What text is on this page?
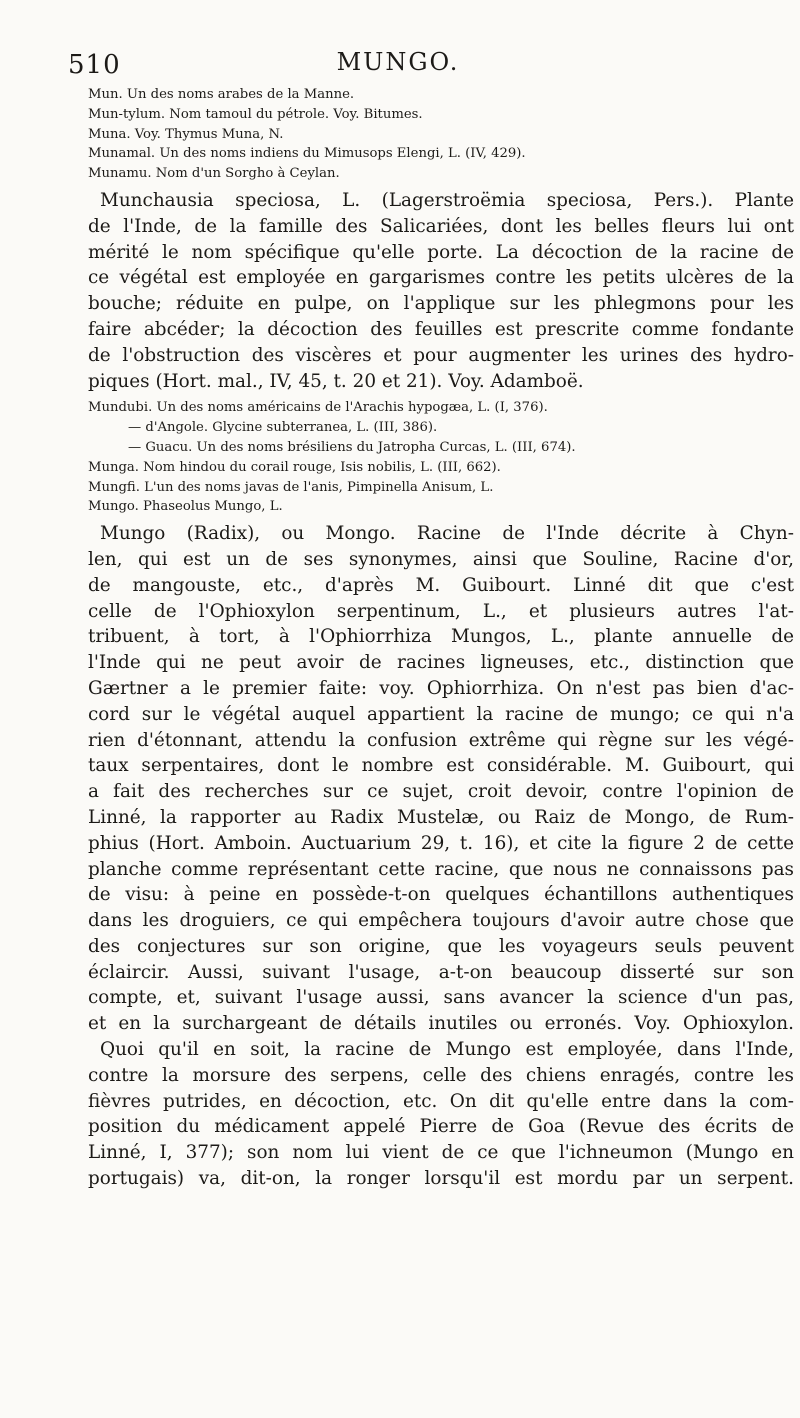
510	MUNGO.
Mun. Un des noms arabes de la Manne.
Mun-tylum. Nom tamoul du pétrole. Voy. Bitumes.
Muna. Voy. Thymus Muna, N.
Munamal. Un des noms indiens du Mimusops Elengi, L. (IV, 429).
Munamu. Nom d'un Sorgho à Ceylan.
Munchausia speciosa, L. (Lagerstroëmia speciosa, Pers.). Plante
de l'Inde, de la famille des Salicariées, dont les belles fleurs lui ont
mérité le nom spécifique qu'elle porte. La décoction de la racine de
ce végétal est employée en gargarismes contre les petits ulcères de la
bouche; réduite en pulpe, on l'applique sur les phlegmons pour les
faire abcéder; la décoction des feuilles est prescrite comme fondante
de l'obstruction des viscères et pour augmenter les urines des hydro-
piques (Hort. mal., IV, 45, t. 20 et 21). Voy. Adamboë.
Mundubi. Un des noms américains de l'Arachis hypogæa, L. (I, 376).
— d'Angole. Glycine subterranea, L. (III, 386).
— Guacu. Un des noms brésiliens du Jatropha Curcas, L. (III, 674).
Munga. Nom hindou du corail rouge, Isis nobilis, L. (III, 662).
Mungfi. L'un des noms javas de l'anis, Pimpinella Anisum, L.
Mungo. Phaseolus Mungo, L.
Mungo (Radix), ou Mongo. Racine de l'Inde décrite à Chyn-
len, qui est un de ses synonymes, ainsi que Souline, Racine d'or,
de mangouste, etc., d'après M. Guibourt. Linné dit que c'est
celle de l'Ophioxylon serpentinum, L., et plusieurs autres l'at-
tribuent, à tort, à l'Ophiorrhiza Mungos, L., plante annuelle de
l'Inde qui ne peut avoir de racines ligneuses, etc., distinction que
Gærtner a le premier faite: voy. Ophiorrhiza. On n'est pas bien d'ac-
cord sur le végétal auquel appartient la racine de mungo; ce qui n'a
rien d'étonnant, attendu la confusion extrême qui règne sur les végé-
taux serpentaires, dont le nombre est considérable. M. Guibourt, qui
a fait des recherches sur ce sujet, croit devoir, contre l'opinion de
Linné, la rapporter au Radix Mustelæ, ou Raiz de Mongo, de Rum-
phius (Hort. Amboin. Auctuarium 29, t. 16), et cite la figure 2 de cette
planche comme représentant cette racine, que nous ne connaissons pas
de visu: à peine en possède-t-on quelques échantillons authentiques
dans les droguiers, ce qui empêchera toujours d'avoir autre chose que
des conjectures sur son origine, que les voyageurs seuls peuvent
éclaircir. Aussi, suivant l'usage, a-t-on beaucoup disserté sur son
compte, et, suivant l'usage aussi, sans avancer la science d'un pas,
et en la surchargeant de détails inutiles ou erronés. Voy. Ophioxylon.
Quoi qu'il en soit, la racine de Mungo est employée, dans l'Inde,
contre la morsure des serpens, celle des chiens enragés, contre les
fièvres putrides, en décoction, etc. On dit qu'elle entre dans la com-
position du médicament appelé Pierre de Goa (Revue des écrits de
Linné, I, 377); son nom lui vient de ce que l'ichneumon (Mungo en
portugais) va, dit-on, la ronger lorsqu'il est mordu par un serpent.
